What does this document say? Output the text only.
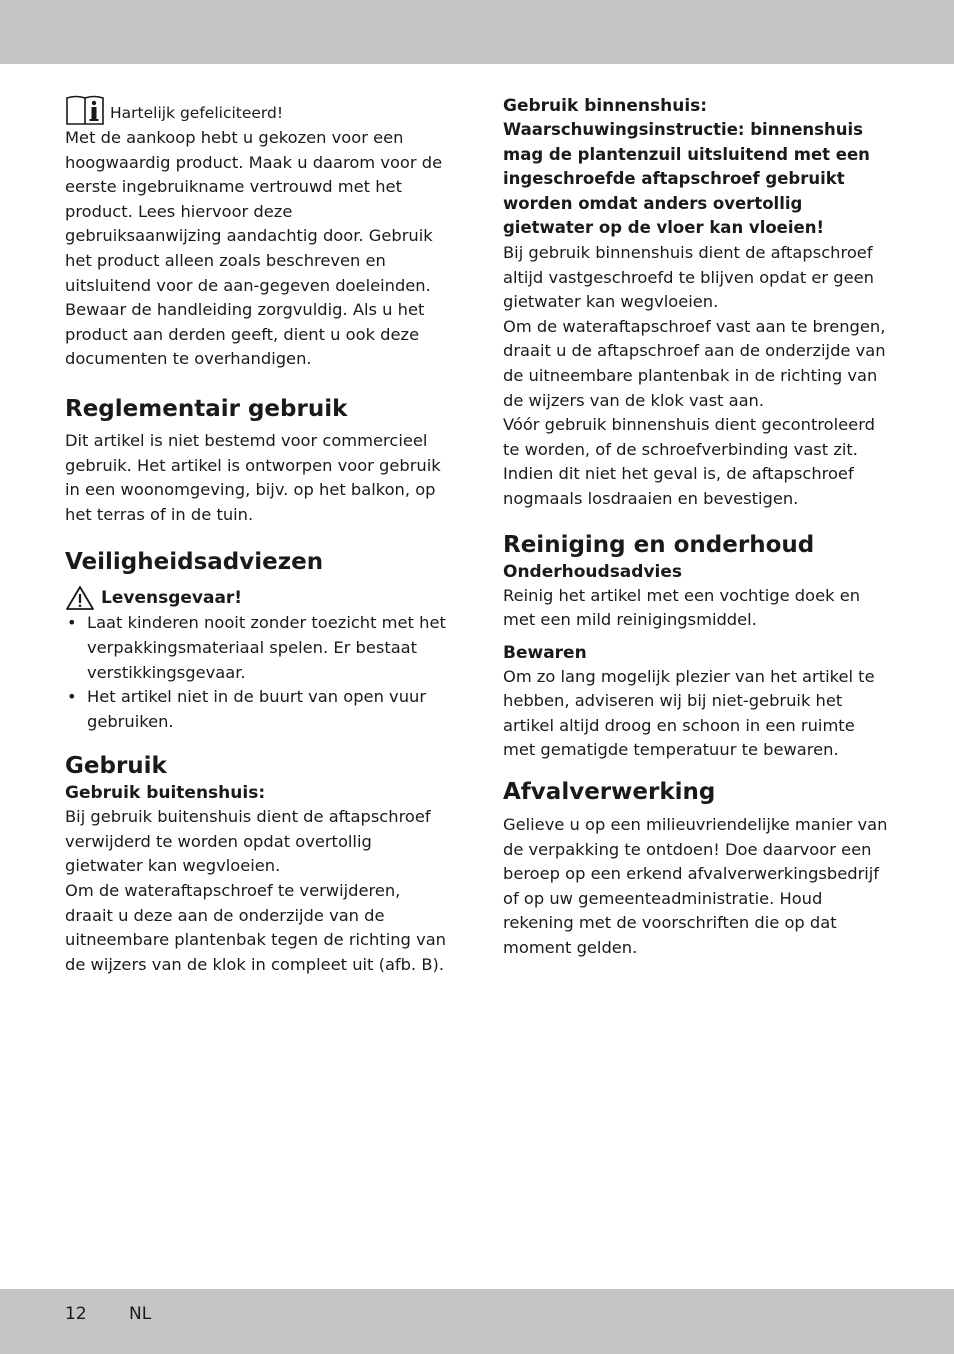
Hartelijk gefeliciteerd!

Met de aankoop hebt u gekozen voor een hoogwaardig product. Maak u daarom voor de eerste ingebruikname vertrouwd met het product. Lees hiervoor deze gebruiksaanwijzing aandachtig door. Gebruik het product alleen zoals beschreven en uitsluitend voor de aan-gegeven doeleinden. Bewaar de handleiding zorgvuldig. Als u het product aan derden geeft, dient u ook deze documenten te overhandigen.

Reglementair gebruik

Dit artikel is niet bestemd voor commercieel gebruik. Het artikel is ontworpen voor gebruik in een woonomgeving, bijv. op het balkon, op het terras of in de tuin.

Veiligheidsadviezen
Levensgevaar!
• Laat kinderen nooit zonder toezicht met het verpakkingsmateriaal spelen. Er bestaat verstikkingsgevaar.
• Het artikel niet in de buurt van open vuur gebruiken.
Gebruik
Gebruik buitenshuis:

Bij gebruik buitenshuis dient de aftapschroef verwijderd te worden opdat overtollig gietwater kan wegvloeien.

Om de wateraftapschroef te verwijderen, draait u deze aan de onderzijde van de uitneembare plantenbak tegen de richting van de wijzers van de klok in compleet uit (afb. B).

Gebruik binnenshuis:

Waarschuwingsinstructie: binnenshuis mag de plantenzuil uitsluitend met een ingeschroefde aftapschroef gebruikt worden omdat anders overtollig gietwater op de vloer kan vloeien!

Bij gebruik binnenshuis dient de aftapschroef altijd vastgeschroefd te blijven opdat er geen gietwater kan wegvloeien.

Om de wateraftapschroef vast aan te brengen, draait u de aftapschroef aan de onderzijde van de uitneembare plantenbak in de richting van de wijzers van de klok vast aan.

Vóór gebruik binnenshuis dient gecontroleerd te worden, of de schroefverbinding vast zit.

Indien dit niet het geval is, de aftapschroef nogmaals losdraaien en bevestigen.

Reiniging en onderhoud
Onderhoudsadvies

Reinig het artikel met een vochtige doek en met een mild reinigingsmiddel.

Bewaren

Om zo lang mogelijk plezier van het artikel te hebben, adviseren wij bij niet-gebruik het artikel altijd droog en schoon in een ruimte met gematigde temperatuur te bewaren.

Afvalverwerking

Gelieve u op een milieuvriendelijke manier van de verpakking te ontdoen! Doe daarvoor een beroep op een erkend afvalverwerkingsbedrijf of op uw gemeenteadministratie. Houd rekening met de voorschriften die op dat moment gelden.

12 NL
